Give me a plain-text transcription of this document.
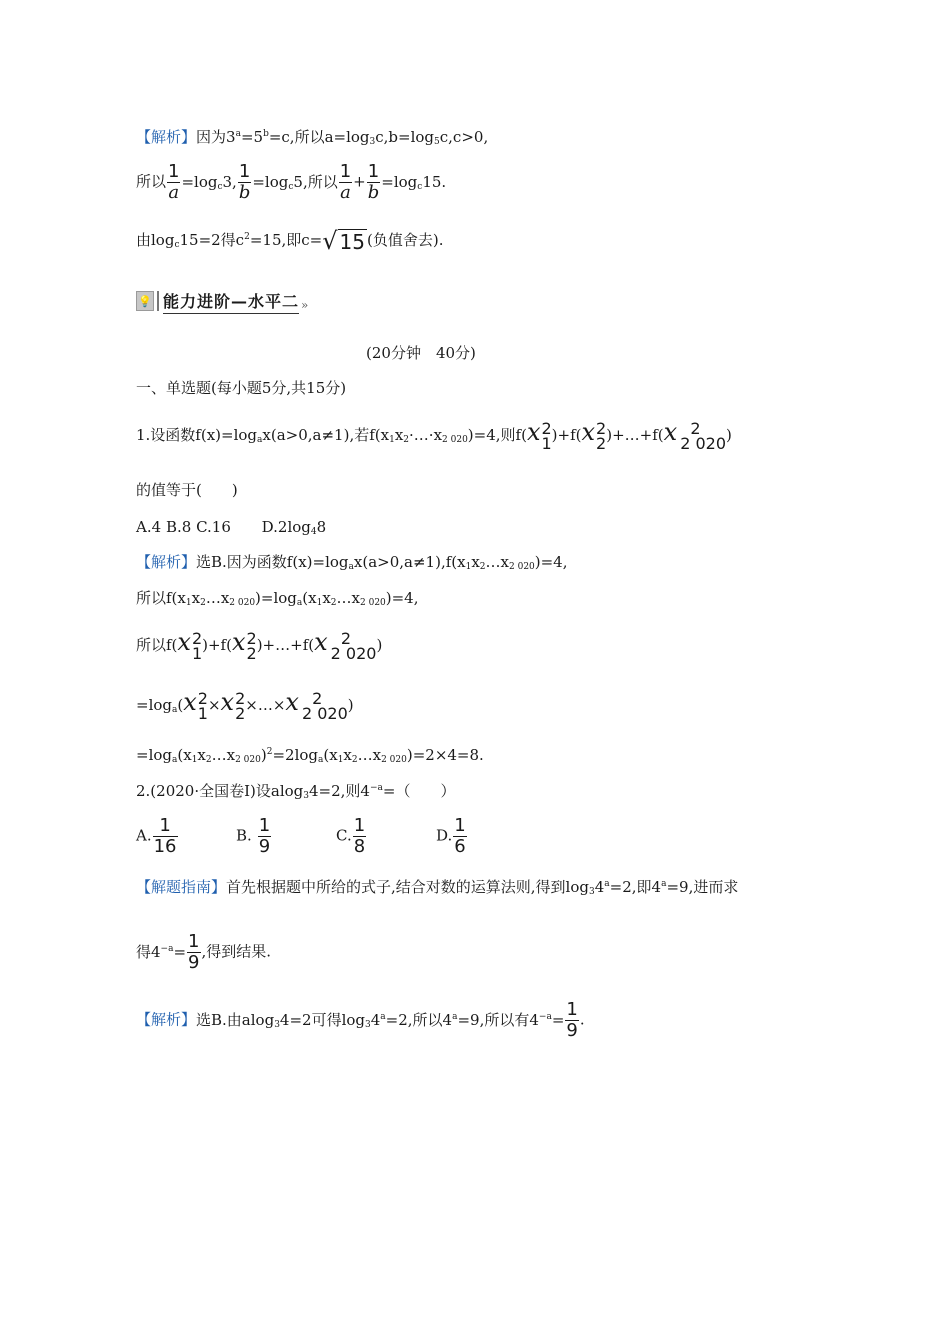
【解析】因为$3^a=5^b=c$,所以$a=\log_3c,b=\log_5c,c>0$,
所以 $\frac{1}{a} =\log_c3$, $\frac{1}{b} =\log_c5$,所以 $\frac{1}{a} + \frac{1}{b} =\log_c15$.
由$\log_c15=2$得$c^2=15$,即c= √ 15 (负值舍去).
💡 能力进阶—水平二 »
(20分钟　40分)
一、单选题(每小题5分,共15分)
1.设函数$f(x)=\log_ax(a>0,a\ne 1)$,若$f(x_1x_2\cdot\dots\cdot x_{2 020})=4$,则f(x 2
1 )+f(x 2
2 )+…+f(x 2
2 020 )
的值等于(　　)
A.4 B.8 C.16 $D.2\log_48$
【解析】选B.因为函数$f(x)=\log_ax(a>0,a\ne 1),f(x_1x_2\dots x_{2 020})=4$,
所以$f(x_1x_2\dots x_{2 020})=\log_a(x_1x_2\dots x_{2 020})=4$,
所以f(x 2
1 )+f(x 2
2 )+…+f(x 2
2 020 )
$=\log_a(x$ 2
1 ×x 2
2 ×…×x 2
2 020 )
$=\log_a(x_1x_2\dots x_{2 020})^2=2\log_a(x_1x_2\dots x_{2 020})=2\times 4=8$.
2.(2020·全国卷Ⅰ)设alog$_3$4=2,则$4^{-a}=$（　　）
A. $\frac{1}{16}$	B. $\frac{1}{9}$	C. $\frac{1}{8}$	D. $\frac{1}{6}$
【解题指南】首先根据题中所给的式子,结合对数的运算法则,得到$\log_34^a=2$,即$4^a=9$,进而求
得$4^{-a}= \frac{1}{9}$ ,得到结果.
【解析】选B.由alog$_3$4=2可得$\log_34^a=2$,所以$4^a=9$,所以有$4^{-a}= \frac{1}{9}$ .
